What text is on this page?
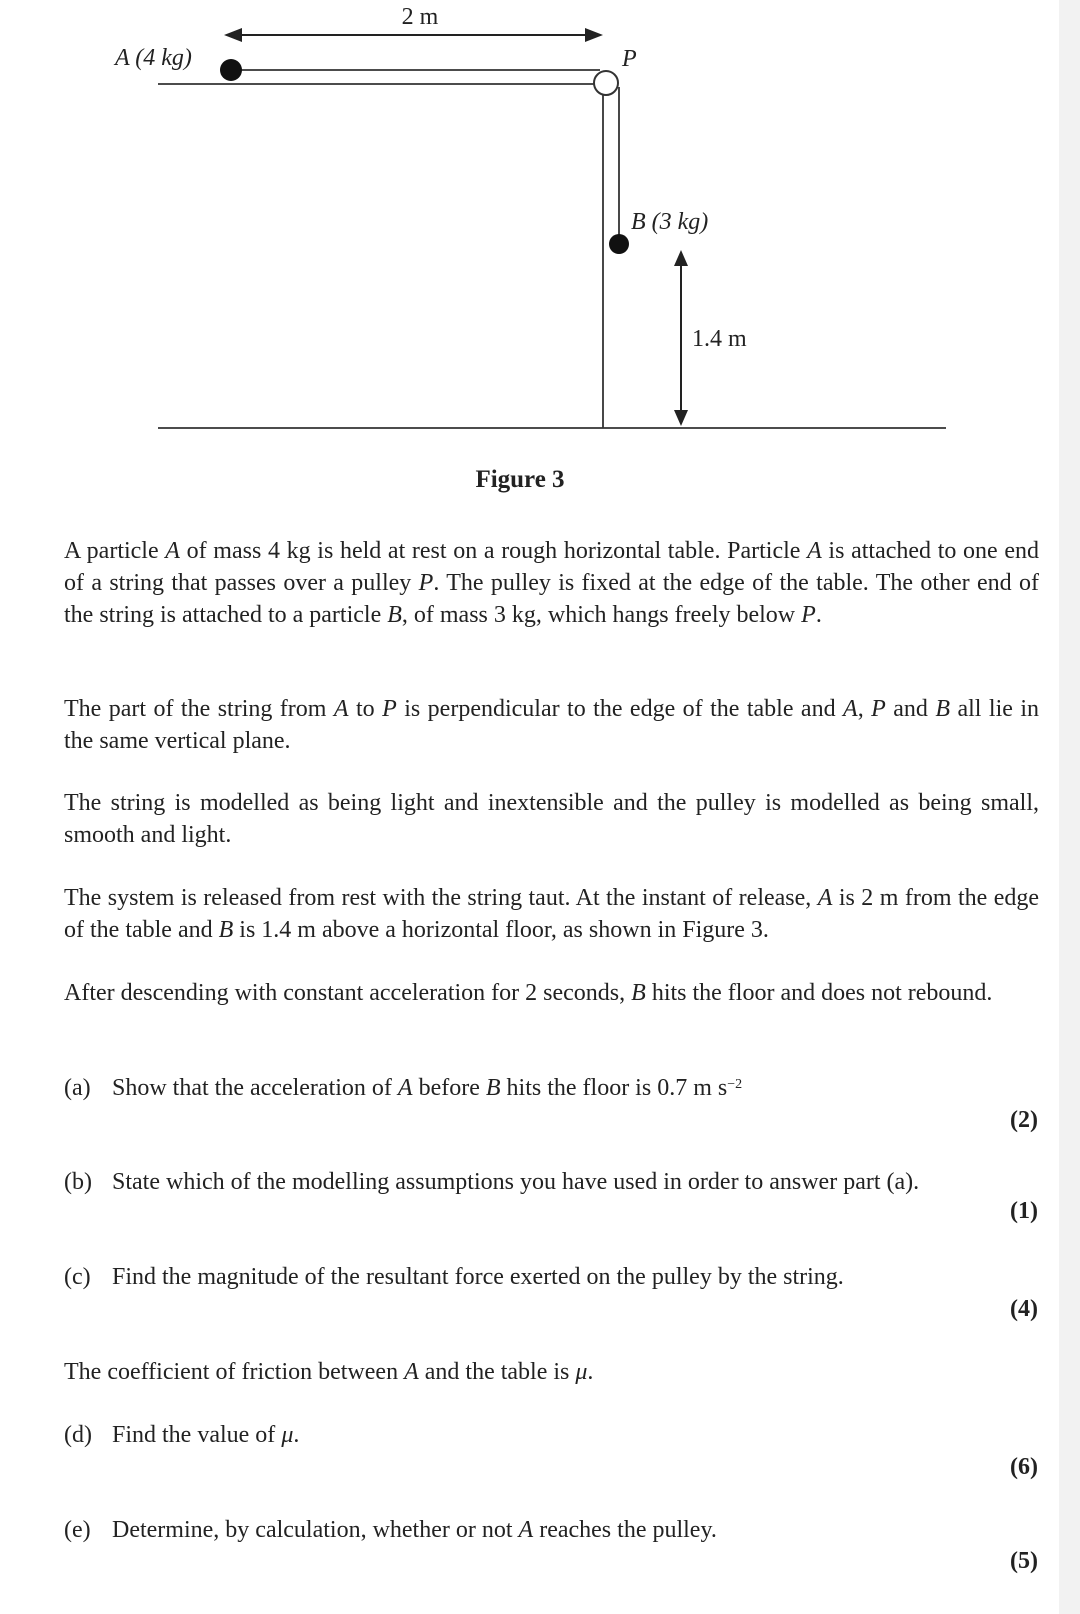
2 m
A (4 kg)	P
B (3 kg)
1.4 m
Figure 3
A particle A of mass 4 kg is held at rest on a rough horizontal table. Particle A is attached to one end of a string that passes over a pulley P. The pulley is fixed at the edge of the table. The other end of the string is attached to a particle B, of mass 3 kg, which hangs freely below P.
The part of the string from A to P is perpendicular to the edge of the table and A, P and B all lie in the same vertical plane.
The string is modelled as being light and inextensible and the pulley is modelled as being small, smooth and light.
The system is released from rest with the string taut. At the instant of release, A is 2 m from the edge of the table and B is 1.4 m above a horizontal floor, as shown in Figure 3.
After descending with constant acceleration for 2 seconds, B hits the floor and does not rebound.
(a) Show that the acceleration of A before B hits the floor is 0.7 m $s^{-2}$
(2)
(b) State which of the modelling assumptions you have used in order to answer part (a).
(1)
(c) Find the magnitude of the resultant force exerted on the pulley by the string.
(4)
The coefficient of friction between A and the table is μ.
(d) Find the value of μ.
(6)
(e) Determine, by calculation, whether or not A reaches the pulley.
(5)
